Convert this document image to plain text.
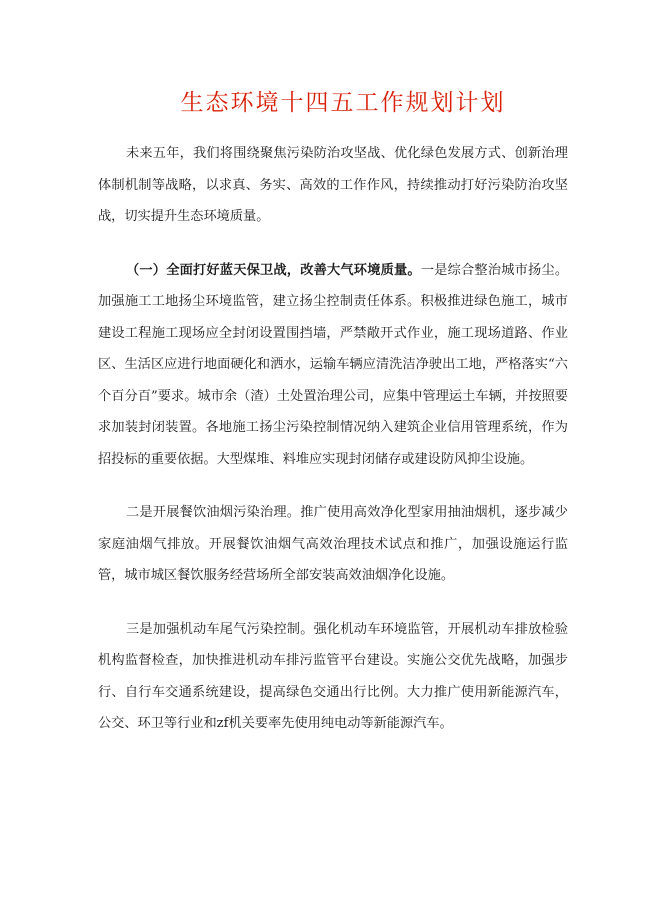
生态环境十四五工作规划计划

未来五年，我们将围绕聚焦污染防治攻坚战、优化绿色发展方式、创新治理体制机制等战略，以求真、务实、高效的工作作风，持续推动打好污染防治攻坚战，切实提升生态环境质量。

（一）全面打好蓝天保卫战，改善大气环境质量。一是综合整治城市扬尘。加强施工工地扬尘环境监管，建立扬尘控制责任体系。积极推进绿色施工，城市建设工程施工现场应全封闭设置围挡墙，严禁敞开式作业，施工现场道路、作业区、生活区应进行地面硬化和洒水，运输车辆应清洗洁净驶出工地，严格落实“六个百分百”要求。城市余（渣）土处置治理公司，应集中管理运土车辆，并按照要求加装封闭装置。各地施工扬尘污染控制情况纳入建筑企业信用管理系统，作为招投标的重要依据。大型煤堆、料堆应实现封闭储存或建设防风抑尘设施。

二是开展餐饮油烟污染治理。推广使用高效净化型家用抽油烟机，逐步减少家庭油烟气排放。开展餐饮油烟气高效治理技术试点和推广，加强设施运行监管，城市城区餐饮服务经营场所全部安装高效油烟净化设施。

三是加强机动车尾气污染控制。强化机动车环境监管，开展机动车排放检验机构监督检查，加快推进机动车排污监管平台建设。实施公交优先战略，加强步行、自行车交通系统建设，提高绿色交通出行比例。大力推广使用新能源汽车，公交、环卫等行业和zf机关要率先使用纯电动等新能源汽车。
